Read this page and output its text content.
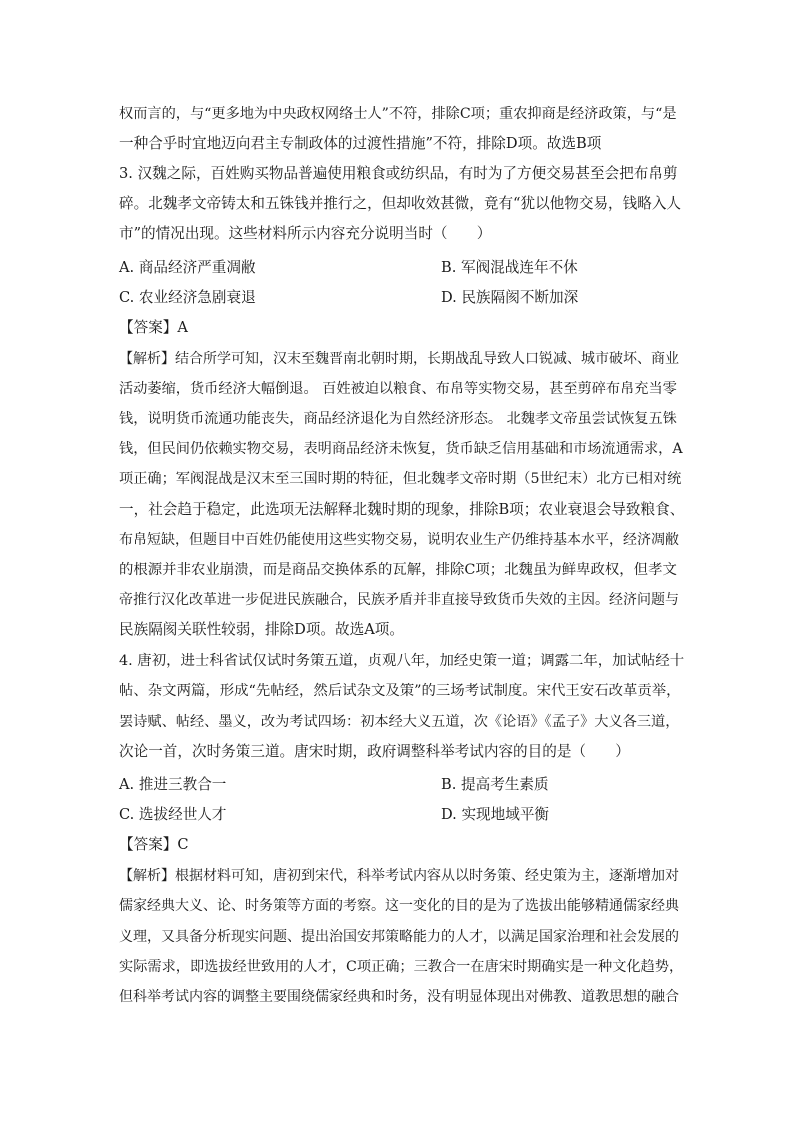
权而言的，与“更多地为中央政权网络士人”不符，排除C项；重农抑商是经济政策，与“是
一种合乎时宜地迈向君主专制政体的过渡性措施”不符，排除D项。故选B项
3. 汉魏之际，百姓购买物品普遍使用粮食或纺织品，有时为了方便交易甚至会把布帛剪
碎。北魏孝文帝铸太和五铢钱并推行之，但却收效甚微，竟有“犹以他物交易，钱略入人
市”的情况出现。这些材料所示内容充分说明当时（　　）
A. 商品经济严重凋敝	B. 军阀混战连年不休
C. 农业经济急剧衰退	D. 民族隔阂不断加深
【答案】A
【解析】结合所学可知，汉末至魏晋南北朝时期，长期战乱导致人口锐减、城市破坏、商业
活动萎缩，货币经济大幅倒退。 百姓被迫以粮食、布帛等实物交易，甚至剪碎布帛充当零
钱，说明货币流通功能丧失，商品经济退化为自然经济形态。 北魏孝文帝虽尝试恢复五铢
钱，但民间仍依赖实物交易，表明商品经济未恢复，货币缺乏信用基础和市场流通需求，A
项正确；军阀混战是汉末至三国时期的特征，但北魏孝文帝时期（5世纪末）北方已相对统
一，社会趋于稳定，此选项无法解释北魏时期的现象，排除B项；农业衰退会导致粮食、
布帛短缺，但题目中百姓仍能使用这些实物交易，说明农业生产仍维持基本水平，经济凋敝
的根源并非农业崩溃，而是商品交换体系的瓦解，排除C项；北魏虽为鲜卑政权，但孝文
帝推行汉化改革进一步促进民族融合，民族矛盾并非直接导致货币失效的主因。经济问题与
民族隔阂关联性较弱，排除D项。故选A项。
4. 唐初，进士科省试仅试时务策五道，贞观八年，加经史策一道；调露二年，加试帖经十
帖、杂文两篇，形成“先帖经，然后试杂文及策”的三场考试制度。宋代王安石改革贡举，
罢诗赋、帖经、墨义，改为考试四场：初本经大义五道，次《论语》《孟子》大义各三道，
次论一首，次时务策三道。唐宋时期，政府调整科举考试内容的目的是（　　）
A. 推进三教合一	B. 提高考生素质
C. 选拔经世人才	D. 实现地域平衡
【答案】C
【解析】根据材料可知，唐初到宋代，科举考试内容从以时务策、经史策为主，逐渐增加对
儒家经典大义、论、时务策等方面的考察。这一变化的目的是为了选拔出能够精通儒家经典
义理，又具备分析现实问题、提出治国安邦策略能力的人才，以满足国家治理和社会发展的
实际需求，即选拔经世致用的人才，C项正确；三教合一在唐宋时期确实是一种文化趋势，
但科举考试内容的调整主要围绕儒家经典和时务，没有明显体现出对佛教、道教思想的融合
